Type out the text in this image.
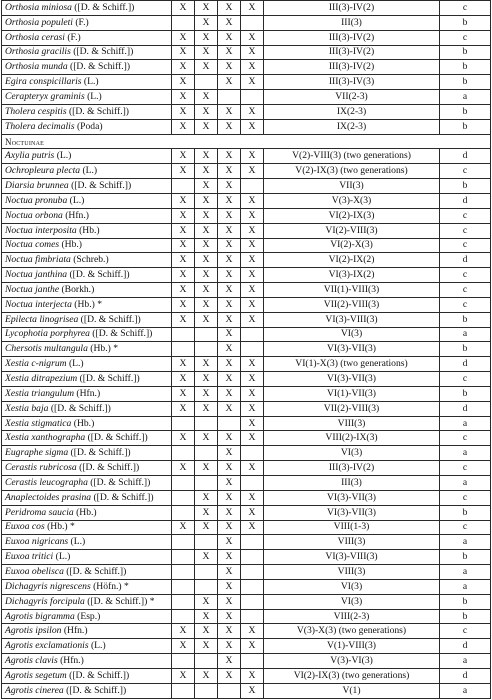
Orthosia miniosa ([D. & Schiff.])	X	X	X	X	III(3)-IV(2)	c
Orthosia populeti (F.)		X	X		III(3)	b
Orthosia cerasi (F.)	X	X	X	X	III(3)-IV(2)	c
Orthosia gracilis ([D. & Schiff.])	X	X	X	X	III(3)-IV(2)	b
Orthosia munda ([D. & Schiff.])	X	X	X	X	III(3)-IV(2)	b
Egira conspicillaris (L.)	X		X	X	III(3)-IV(3)	b
Cerapteryx graminis (L.)	X	X			VII(2-3)	a
Tholera cespitis ([D. & Schiff.])	X	X	X	X	IX(2-3)	b
Tholera decimalis (Poda)	X	X	X	X	IX(2-3)	b
Noctuinae						
Axylia putris (L.)	X	X	X	X	V(2)-VIII(3) (two generations)	d
Ochropleura plecta (L.)	X	X	X	X	V(2)-IX(3) (two generations)	c
Diarsia brunnea ([D. & Schiff.])		X	X		VII(3)	b
Noctua pronuba (L.)	X	X	X	X	V(3)-X(3)	d
Noctua orbona (Hfn.)	X	X	X	X	VI(2)-IX(3)	c
Noctua interposita (Hb.)	X	X	X	X	VI(2)-VIII(3)	c
Noctua comes (Hb.)	X	X	X	X	VI(2)-X(3)	c
Noctua fimbriata (Schreb.)	X	X	X	X	VI(2)-IX(2)	d
Noctua janthina ([D. & Schiff.])	X	X	X	X	VI(3)-IX(2)	c
Noctua janthe (Borkh.)	X	X	X	X	VII(1)-VIII(3)	c
Noctua interjecta (Hb.) *	X	X	X	X	VII(2)-VIII(3)	c
Epilecta linogrisea ([D. & Schiff.])	X	X	X	X	VI(3)-VIII(3)	b
Lycophotia porphyrea ([D. & Schiff.])			X		VI(3)	a
Chersotis multangula (Hb.) *			X		VI(3)-VII(3)	b
Xestia c-nigrum (L.)	X	X	X	X	VI(1)-X(3) (two generations)	d
Xestia ditrapezium ([D. & Schiff.])	X	X	X	X	VI(3)-VII(3)	c
Xestia triangulum (Hfn.)	X	X	X	X	VI(1)-VII(3)	b
Xestia baja ([D. & Schiff.])	X	X	X	X	VII(2)-VIII(3)	d
Xestia stigmatica (Hb.)				X	VIII(3)	a
Xestia xanthographa ([D. & Schiff.])	X	X	X	X	VIII(2)-IX(3)	c
Eugraphe sigma ([D. & Schiff.])			X		VI(3)	a
Cerastis rubricosa ([D. & Schiff.])	X	X	X	X	III(3)-IV(2)	c
Cerastis leucographa ([D. & Schiff.])			X		III(3)	a
Anaplectoides prasina ([D. & Schiff.])		X	X	X	VI(3)-VII(3)	c
Peridroma saucia (Hb.)		X	X	X	VI(3)-VII(3)	b
Euxoa cos (Hb.) *	X	X	X	X	VIII(1-3)	c
Euxoa nigricans (L.)			X		VIII(3)	a
Euxoa tritici (L.)		X	X		VI(3)-VIII(3)	b
Euxoa obelisca ([D. & Schiff.])			X		VIII(3)	a
Dichagyris nigrescens (Höfn.) *			X		VI(3)	a
Dichagyris forcipula ([D. & Schiff.]) *		X	X		VI(3)	b
Agrotis bigramma (Esp.)		X	X		VIII(2-3)	b
Agrotis ipsilon (Hfn.)	X	X	X	X	V(3)-X(3) (two generations)	c
Agrotis exclamationis (L.)	X	X	X	X	V(1)-VIII(3)	d
Agrotis clavis (Hfn.)			X		V(3)-VI(3)	a
Agrotis segetum ([D. & Schiff.])	X	X	X	X	VI(2)-IX(3) (two generations)	d
Agrotis cinerea ([D. & Schiff.])				X	V(1)	a
